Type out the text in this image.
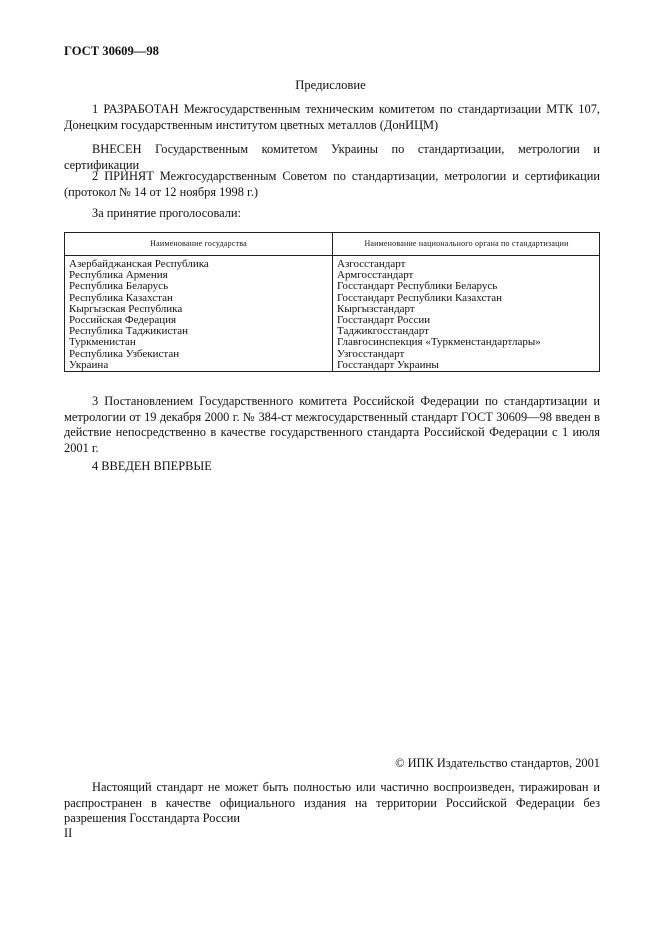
ГОСТ 30609—98
Предисловие

1 РАЗРАБОТАН Межгосударственным техническим комитетом по стандартизации МТК 107, Донецким государственным институтом цветных металлов (ДонИЦМ)

ВНЕСЕН Государственным комитетом Украины по стандартизации, метрологии и сертификации

2 ПРИНЯТ Межгосударственным Советом по стандартизации, метрологии и сертификации (протокол № 14 от 12 ноября 1998 г.)

За принятие проголосовали:

Наименование государства	Наименование национального органа по стандартизации
Азербайджанская Республика
Республика Армения
Республика Беларусь
Республика Казахстан
Кыргызская Республика
Российская Федерация
Республика Таджикистан
Туркменистан
Республика Узбекистан
Украина
Азгосстандарт
Армгосстандарт
Госстандарт Республики Беларусь
Госстандарт Республики Казахстан
Кыргызстандарт
Госстандарт России
Таджикгосстандарт
Главгосинспекция «Туркменстандартлары»
Узгосстандарт
Госстандарт Украины

3 Постановлением Государственного комитета Российской Федерации по стандартизации и метрологии от 19 декабря 2000 г. № 384-ст межгосударственный стандарт ГОСТ 30609—98 введен в действие непосредственно в качестве государственного стандарта Российской Федерации с 1 июля 2001 г.

4 ВВЕДЕН ВПЕРВЫЕ

© ИПК Издательство стандартов, 2001

Настоящий стандарт не может быть полностью или частично воспроизведен, тиражирован и распространен в качестве официального издания на территории Российской Федерации без разрешения Госстандарта России

II
